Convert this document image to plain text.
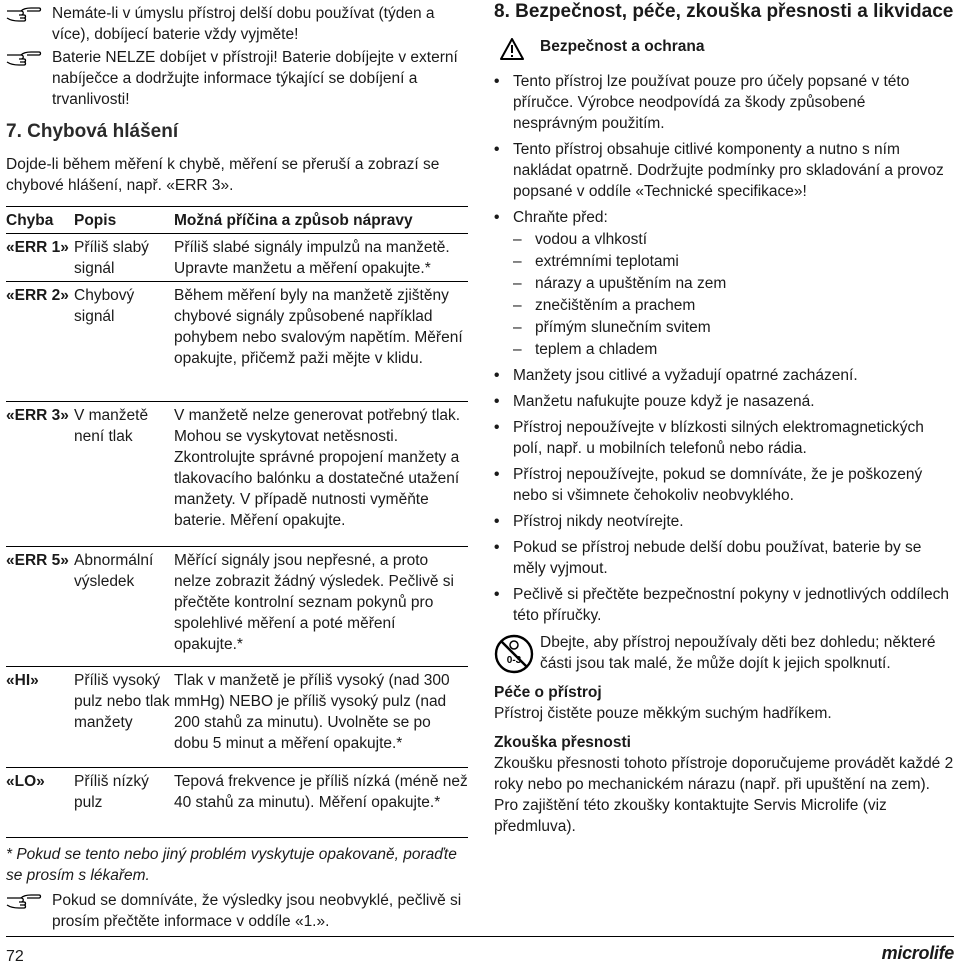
Nemáte-li v úmyslu přístroj delší dobu používat (týden a více), dobíjecí baterie vždy vyjměte!

Baterie NELZE dobíjet v přístroji! Baterie dobíjejte v externí nabíječce a dodržujte informace týkající se dobíjení a trvanlivosti!

7. Chybová hlášení

Dojde-li během měření k chybě, měření se přeruší a zobrazí se chybové hlášení, např. «ERR 3».

Chyba	Popis	Možná příčina a způsob nápravy
«ERR 1»	Příliš slabý signál	Příliš slabé signály impulzů na manžetě. Upravte manžetu a měření opakujte.*
«ERR 2»	Chybový signál	Během měření byly na manžetě zjištěny chybové signály způsobené například pohybem nebo svalovým napětím. Měření opakujte, přičemž paži mějte v klidu.
«ERR 3»	V manžetě není tlak	V manžetě nelze generovat potřebný tlak. Mohou se vyskytovat netěsnosti. Zkontrolujte správné propojení manžety a tlakovacího balónku a dostatečné utažení manžety. V případě nutnosti vyměňte baterie. Měření opakujte.
«ERR 5»	Abnormální výsledek	Měřící signály jsou nepřesné, a proto nelze zobrazit žádný výsledek. Pečlivě si přečtěte kontrolní seznam pokynů pro spolehlivé měření a poté měření opakujte.*
«HI»	Příliš vysoký pulz nebo tlak manžety	Tlak v manžetě je příliš vysoký (nad 300 mmHg) NEBO je příliš vysoký pulz (nad 200 stahů za minutu). Uvolněte se po dobu 5 minut a měření opakujte.*
«LO»	Příliš nízký pulz	Tepová frekvence je příliš nízká (méně než 40 stahů za minutu). Měření opakujte.*

* Pokud se tento nebo jiný problém vyskytuje opakovaně, poraďte se prosím s lékařem.

Pokud se domníváte, že výsledky jsou neobvyklé, pečlivě si prosím přečtěte informace v oddíle «1.».

8. Bezpečnost, péče, zkouška přesnosti a likvidace
Bezpečnost a ochrana
• Tento přístroj lze používat pouze pro účely popsané v této příručce. Výrobce neodpovídá za škody způsobené nesprávným použitím.
• Tento přístroj obsahuje citlivé komponenty a nutno s ním nakládat opatrně. Dodržujte podmínky pro skladování a provoz popsané v oddíle «Technické specifikace»!
• Chraňte před:
– vodou a vlhkostí
– extrémními teplotami
– nárazy a upuštěním na zem
– znečištěním a prachem
– přímým slunečním svitem
– teplem a chladem
• Manžety jsou citlivé a vyžadují opatrné zacházení.
• Manžetu nafukujte pouze když je nasazená.
• Přístroj nepoužívejte v blízkosti silných elektromagnetických polí, např. u mobilních telefonů nebo rádia.
• Přístroj nepoužívejte, pokud se domníváte, že je poškozený nebo si všimnete čehokoliv neobvyklého.
• Přístroj nikdy neotvírejte.
• Pokud se přístroj nebude delší dobu používat, baterie by se měly vyjmout.
• Pečlivě si přečtěte bezpečnostní pokyny v jednotlivých oddílech této příručky.
0-3
Dbejte, aby přístroj nepoužívaly děti bez dohledu; některé části jsou tak malé, že může dojít k jejich spolknutí.
Péče o přístroj
Přístroj čistěte pouze měkkým suchým hadříkem.
Zkouška přesnosti
Zkoušku přesnosti tohoto přístroje doporučujeme provádět každé 2 roky nebo po mechanickém nárazu (např. při upuštění na zem). Pro zajištění této zkoušky kontaktujte Servis Microlife (viz předmluva).
72	microlife
